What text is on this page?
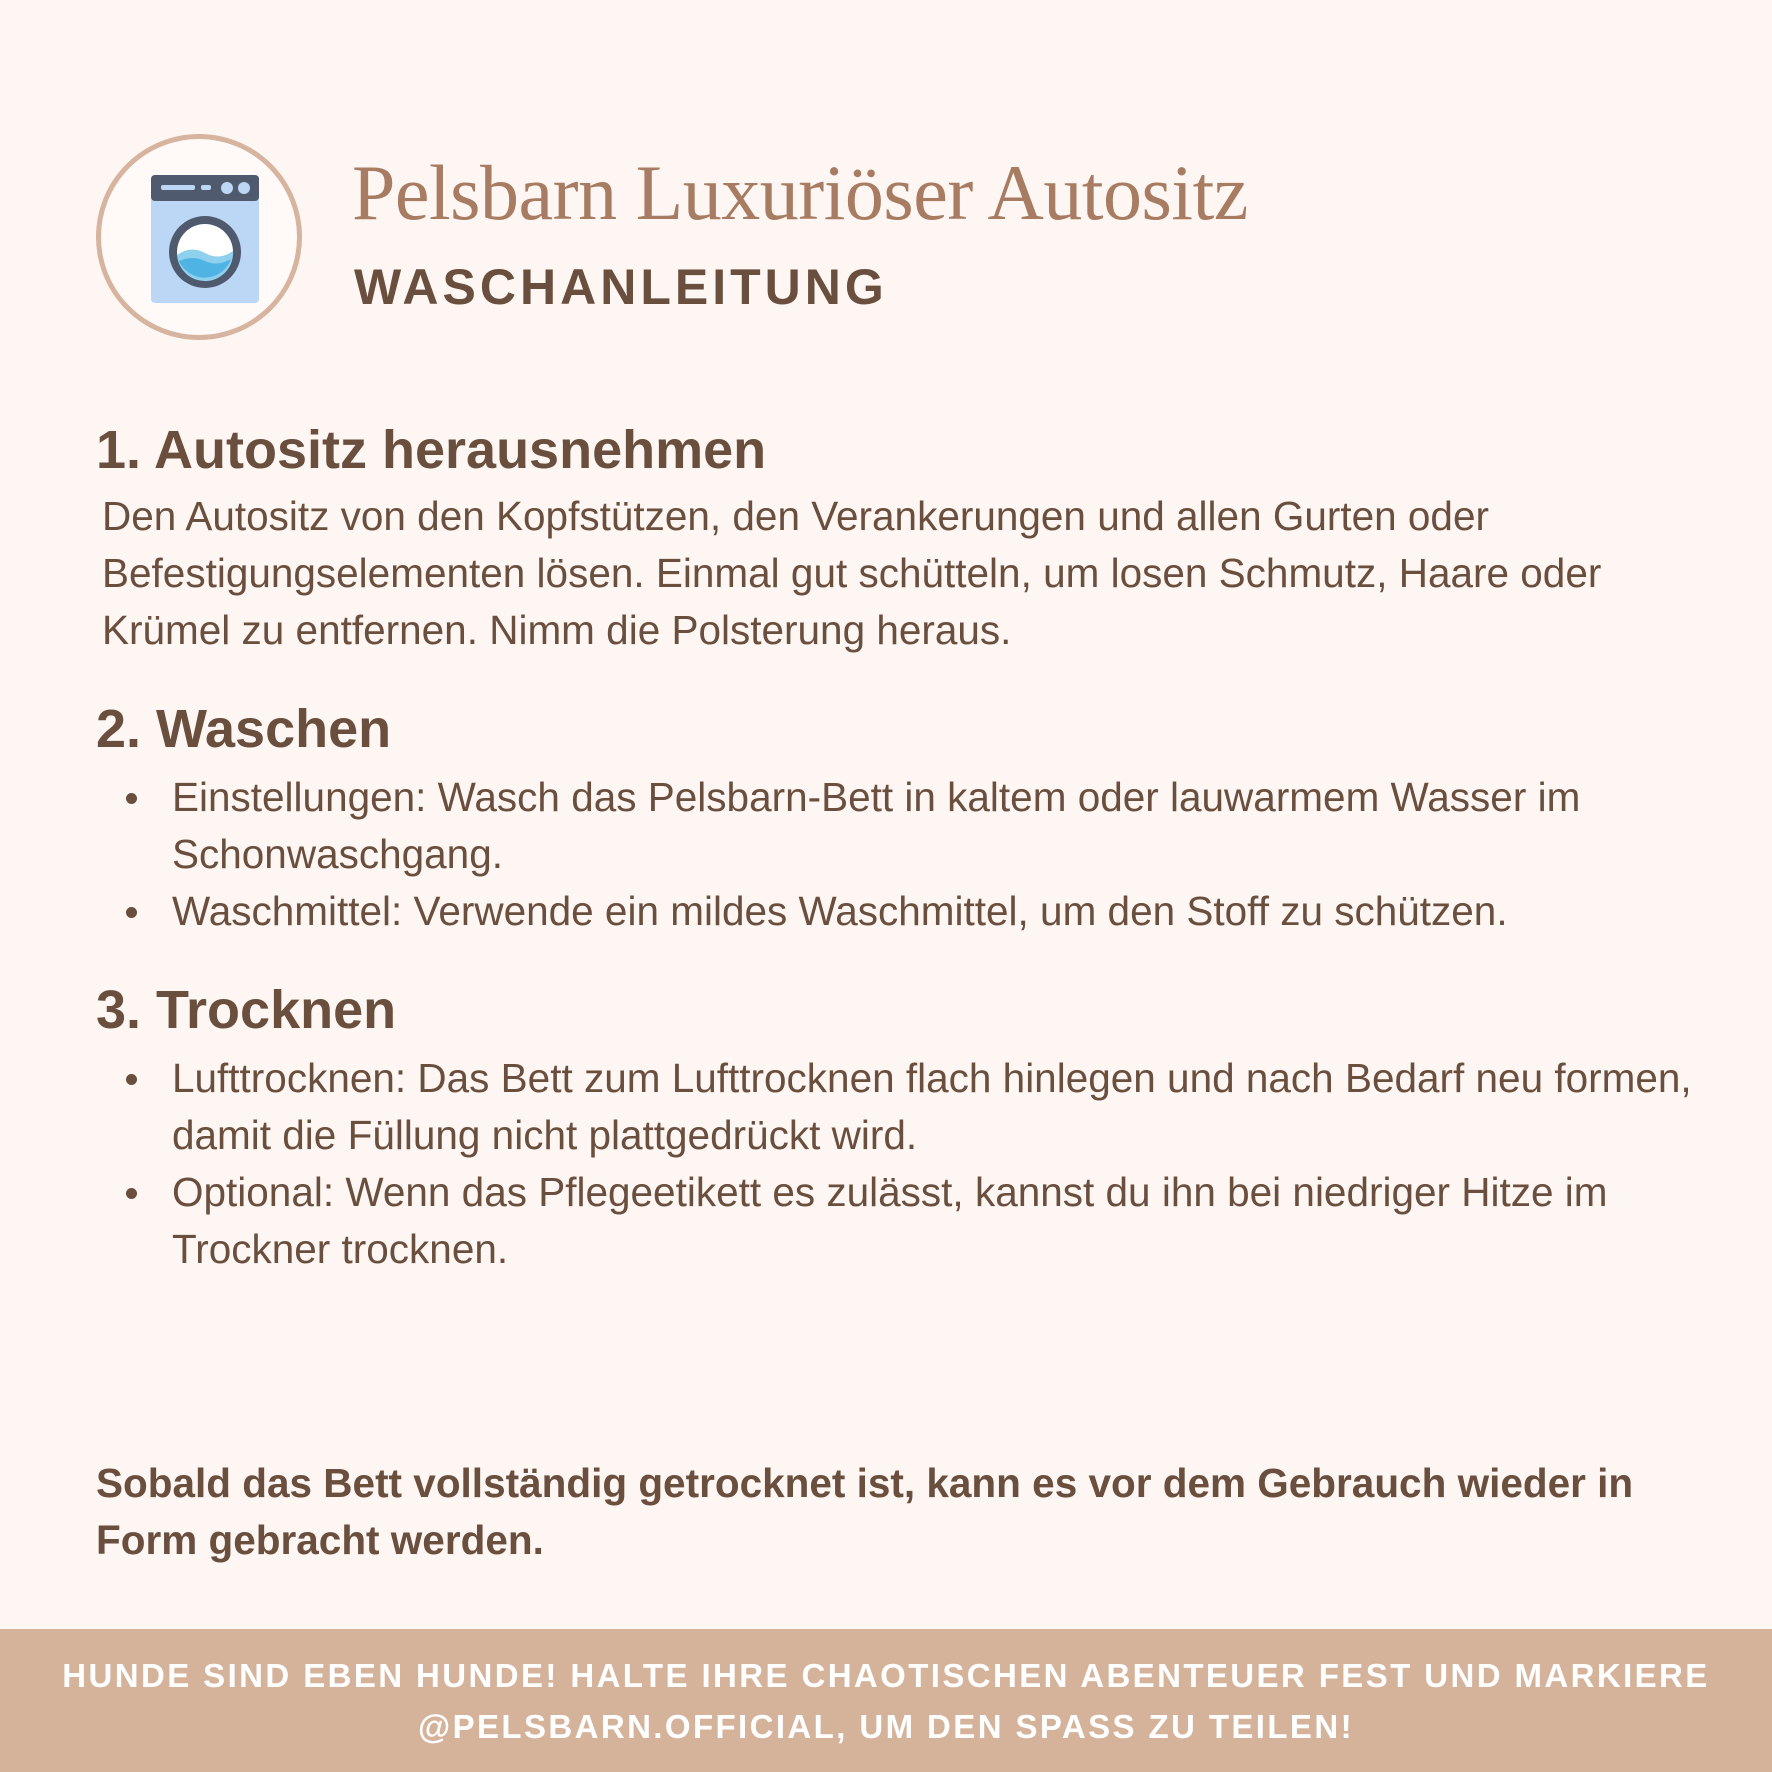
Pelsbarn Luxuriöser Autositz
WASCHANLEITUNG
1. Autositz herausnehmen

Den Autositz von den Kopfstützen, den Verankerungen und allen Gurten oder Befestigungselementen lösen. Einmal gut schütteln, um losen Schmutz, Haare oder Krümel zu entfernen. Nimm die Polsterung heraus.

2. Waschen
Einstellungen: Wasch das Pelsbarn-Bett in kaltem oder lauwarmem Wasser im Schonwaschgang.
Waschmittel: Verwende ein mildes Waschmittel, um den Stoff zu schützen.
3. Trocknen
Lufttrocknen: Das Bett zum Lufttrocknen flach hinlegen und nach Bedarf neu formen, damit die Füllung nicht plattgedrückt wird.
Optional: Wenn das Pflegeetikett es zulässt, kannst du ihn bei niedriger Hitze im Trockner trocknen.

Sobald das Bett vollständig getrocknet ist, kann es vor dem Gebrauch wieder in Form gebracht werden.

HUNDE SIND EBEN HUNDE! HALTE IHRE CHAOTISCHEN ABENTEUER FEST UND MARKIERE @PELSBARN.OFFICIAL, UM DEN SPASS ZU TEILEN!
